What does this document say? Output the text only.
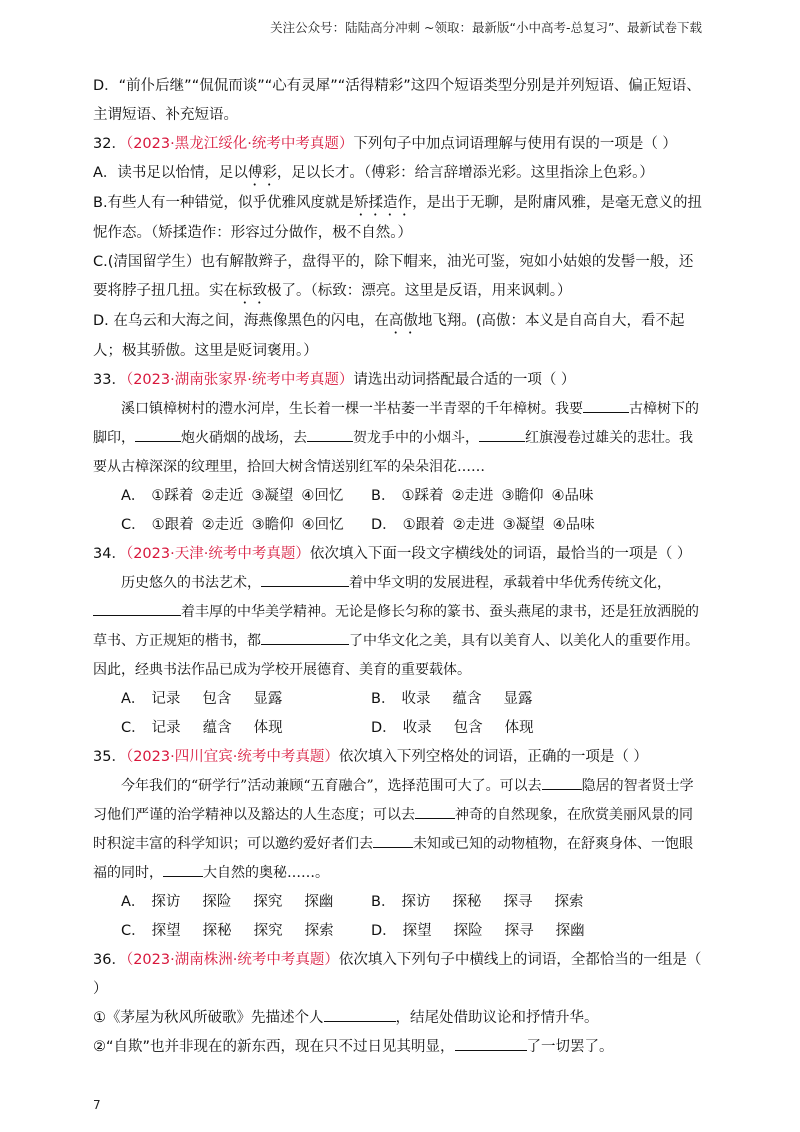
关注公众号：陆陆高分冲刺 ~领取：最新版“小中高考-总复习”、最新试卷下载

D．“前仆后继”“侃侃而谈”“心有灵犀”“活得精彩”这四个短语类型分别是并列短语、偏正短语、主谓短语、补充短语。

32．（2023·黑龙江绥化·统考中考真题）下列句子中加点词语理解与使用有误的一项是（ ）

A．读书足以怡情，足以傅彩，足以长才。（傅彩：给言辞增添光彩。这里指涂上色彩。）

B.有些人有一种错觉，似乎优雅风度就是矫揉造作，是出于无聊，是附庸风雅，是毫无意义的扭怩作态。（矫揉造作：形容过分做作，极不自然。）

C.(清国留学生）也有解散辫子，盘得平的，除下帽来，油光可鉴，宛如小姑娘的发髻一般，还要将脖子扭几扭。实在标致极了。（标致：漂亮。这里是反语，用来讽刺。）

D. 在乌云和大海之间，海燕像黑色的闪电，在高傲地飞翔。(高傲：本义是自高自大，看不起人；极其骄傲。这里是贬词褒用。）

33．（2023·湖南张家界·统考中考真题）请选出动词搭配最合适的一项（ ）

溪口镇樟树村的澧水河岸，生长着一棵一半枯萎一半青翠的千年樟树。我要	古樟树下的脚印，	炮火硝烟的战场，去	贺龙手中的小烟斗，	红旗漫卷过雄关的悲壮。我要从古樟深深的纹理里，拾回大树含情送别红军的朵朵泪花……

A． ①踩着 ②走近 ③凝望 ④回忆 B． ①踩着 ②走进 ③瞻仰 ④品味
C． ①跟着 ②走近 ③瞻仰 ④回忆 D． ①跟着 ②走进 ③凝望 ④品味

34．（2023·天津·统考中考真题）依次填入下面一段文字横线处的词语，最恰当的一项是（ ）

历史悠久的书法艺术，	着中华文明的发展进程，承载着中华优秀传统文化，着丰厚的中华美学精神。无论是修长匀称的篆书、蚕头燕尾的隶书，还是狂放洒脱的草书、方正规矩的楷书，都	了中华文化之美，具有以美育人、以美化人的重要作用。因此，经典书法作品已成为学校开展德育、美育的重要载体。

A． 记录 包含 显露	B． 收录 蕴含 显露
C． 记录 蕴含 体现	D． 收录 包含 体现

35．（2023·四川宜宾·统考中考真题）依次填入下列空格处的词语，正确的一项是（ ）

今年我们的“研学行”活动兼顾“五育融合”，选择范围可大了。可以去	隐居的智者贤士学习他们严谨的治学精神以及豁达的人生态度；可以去	神奇的自然现象，在欣赏美丽风景的同时积淀丰富的科学知识；可以邀约爱好者们去	未知或已知的动物植物，在舒爽身体、一饱眼福的同时，	大自然的奥秘……。

A． 探访 探险 探究 探幽	B． 探访 探秘 探寻 探索
C． 探望 探秘 探究 探索	D． 探望 探险 探寻 探幽

36．（2023·湖南株洲·统考中考真题）依次填入下列句子中横线上的词语，全都恰当的一组是（ ）

①《茅屋为秋风所破歌》先描述个人	，结尾处借助议论和抒情升华。

②“自欺”也并非现在的新东西，现在只不过日见其明显，	了一切罢了。

7
